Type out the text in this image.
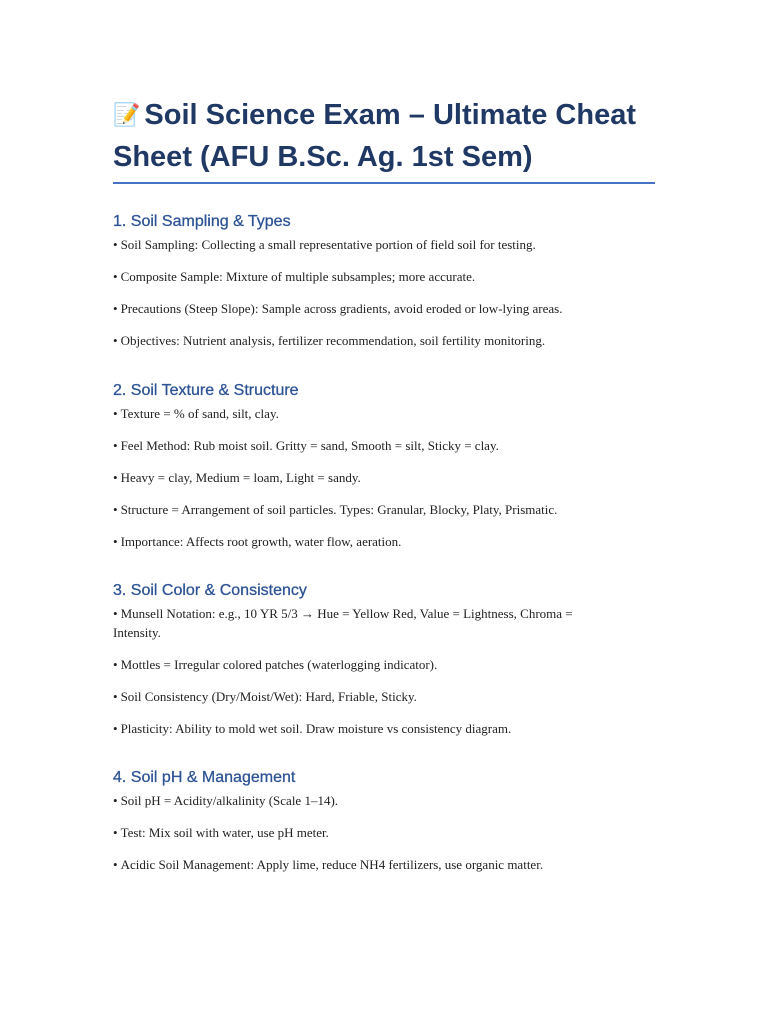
📝 Soil Science Exam – Ultimate Cheat Sheet (AFU B.Sc. Ag. 1st Sem)
1. Soil Sampling & Types
• Soil Sampling: Collecting a small representative portion of field soil for testing.
• Composite Sample: Mixture of multiple subsamples; more accurate.
• Precautions (Steep Slope): Sample across gradients, avoid eroded or low-lying areas.
• Objectives: Nutrient analysis, fertilizer recommendation, soil fertility monitoring.
2. Soil Texture & Structure
• Texture = % of sand, silt, clay.
• Feel Method: Rub moist soil. Gritty = sand, Smooth = silt, Sticky = clay.
• Heavy = clay, Medium = loam, Light = sandy.
• Structure = Arrangement of soil particles. Types: Granular, Blocky, Platy, Prismatic.
• Importance: Affects root growth, water flow, aeration.
3. Soil Color & Consistency
• Munsell Notation: e.g., 10 YR 5/3 → Hue = Yellow Red, Value = Lightness, Chroma = Intensity.
• Mottles = Irregular colored patches (waterlogging indicator).
• Soil Consistency (Dry/Moist/Wet): Hard, Friable, Sticky.
• Plasticity: Ability to mold wet soil. Draw moisture vs consistency diagram.
4. Soil pH & Management
• Soil pH = Acidity/alkalinity (Scale 1–14).
• Test: Mix soil with water, use pH meter.
• Acidic Soil Management: Apply lime, reduce NH4 fertilizers, use organic matter.
